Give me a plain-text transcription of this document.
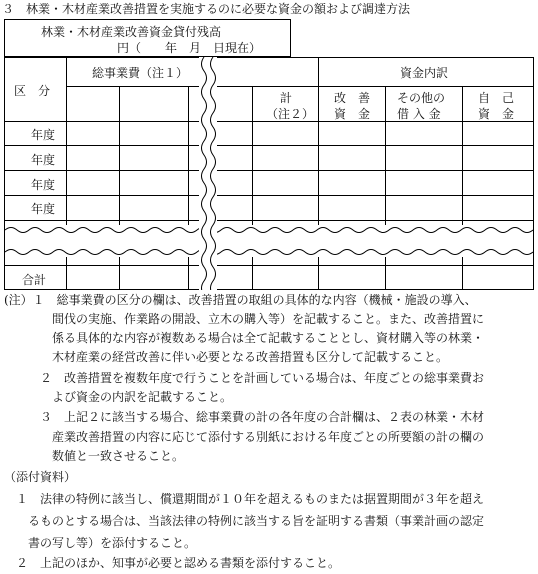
３　林業・木材産業改善措置を実施するのに必要な資金の額および調達方法
林業・木材産業改善資金貸付残高
円（　　年　月　日現在）
区　分
総事業費（注１）	資金内訳
計
（注２）
改　善
資　金
その他の
借 入 金
自　己
資　金
年度
年度
年度
年度
合計
(注）１　総事業費の区分の欄は、改善措置の取組の具体的な内容（機械・施設の導入、
　　　　間伐の実施、作業路の開設、立木の購入等）を記載すること。また、改善措置に
　　　　係る具体的な内容が複数ある場合は全て記載することとし、資材購入等の林業・
　　　　木材産業の経営改善に伴い必要となる改善措置も区分して記載すること。
　　　２　改善措置を複数年度で行うことを計画している場合は、年度ごとの総事業費お
　　　　よび資金の内訳を記載すること。
　　　３　上記２に該当する場合、総事業費の計の各年度の合計欄は、２表の林業・木材
　　　　産業改善措置の内容に応じて添付する別紙における年度ごとの所要額の計の欄の
　　　　数値と一致させること。
（添付資料）
　１　法律の特例に該当し、償還期間が１０年を超えるものまたは据置期間が３年を超え
　　るものとする場合は、当該法律の特例に該当する旨を証明する書類（事業計画の認定
　　書の写し等）を添付すること。
　２　上記のほか、知事が必要と認める書類を添付すること。
